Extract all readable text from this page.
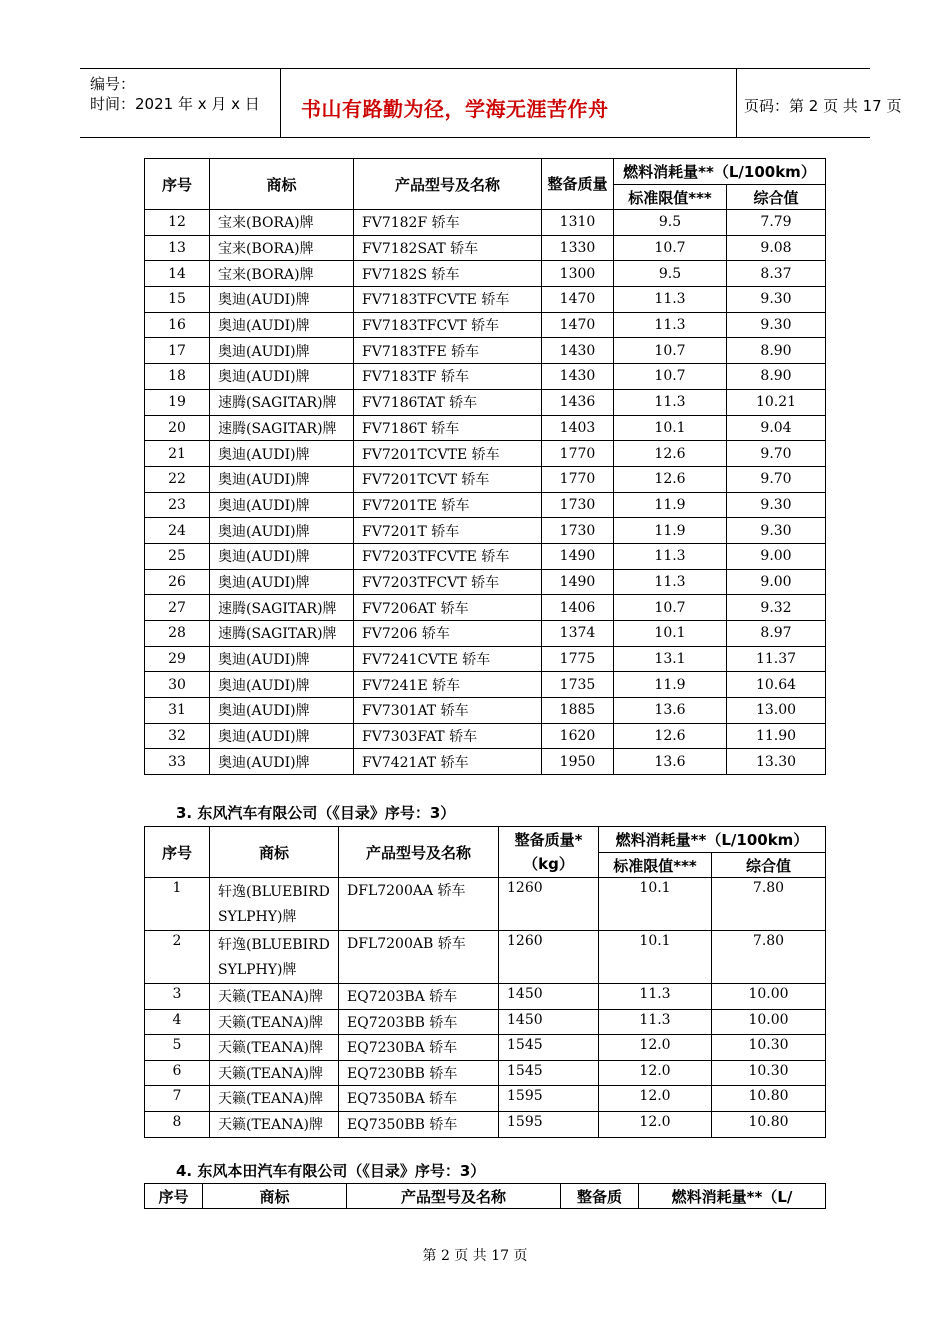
编号：
时间：2021 年 x 月 x 日 书山有路勤为径，学海无涯苦作舟	页码：第 2 页 共 17 页
序号	商标	产品型号及名称	整备质量	燃料消耗量**（L/100km）	
				标准限值***	综合值
12	宝来(BORA)牌	FV7182F 轿车	1310	9.5	7.79
13	宝来(BORA)牌	FV7182SAT 轿车	1330	10.7	9.08
14	宝来(BORA)牌	FV7182S 轿车	1300	9.5	8.37
15	奥迪(AUDI)牌	FV7183TFCVTE 轿车	1470	11.3	9.30
16	奥迪(AUDI)牌	FV7183TFCVT 轿车	1470	11.3	9.30
17	奥迪(AUDI)牌	FV7183TFE 轿车	1430	10.7	8.90
18	奥迪(AUDI)牌	FV7183TF 轿车	1430	10.7	8.90
19	速腾(SAGITAR)牌	FV7186TAT 轿车	1436	11.3	10.21
20	速腾(SAGITAR)牌	FV7186T 轿车	1403	10.1	9.04
21	奥迪(AUDI)牌	FV7201TCVTE 轿车	1770	12.6	9.70
22	奥迪(AUDI)牌	FV7201TCVT 轿车	1770	12.6	9.70
23	奥迪(AUDI)牌	FV7201TE 轿车	1730	11.9	9.30
24	奥迪(AUDI)牌	FV7201T 轿车	1730	11.9	9.30
25	奥迪(AUDI)牌	FV7203TFCVTE 轿车	1490	11.3	9.00
26	奥迪(AUDI)牌	FV7203TFCVT 轿车	1490	11.3	9.00
27	速腾(SAGITAR)牌	FV7206AT 轿车	1406	10.7	9.32
28	速腾(SAGITAR)牌	FV7206 轿车	1374	10.1	8.97
29	奥迪(AUDI)牌	FV7241CVTE 轿车	1775	13.1	11.37
30	奥迪(AUDI)牌	FV7241E 轿车	1735	11.9	10.64
31	奥迪(AUDI)牌	FV7301AT 轿车	1885	13.6	13.00
32	奥迪(AUDI)牌	FV7303FAT 轿车	1620	12.6	11.90
33	奥迪(AUDI)牌	FV7421AT 轿车	1950	13.6	13.30
3. 东风汽车有限公司（《目录》序号：3）
序号	商标	产品型号及名称	整备质量*（kg）	燃料消耗量**（L/100km）	
				标准限值***	综合值
1	轩逸(BLUEBIRD SYLPHY)牌	DFL7200AA 轿车	1260	10.1	7.80
2	轩逸(BLUEBIRD SYLPHY)牌	DFL7200AB 轿车	1260	10.1	7.80
3	天籁(TEANA)牌	EQ7203BA 轿车	1450	11.3	10.00
4	天籁(TEANA)牌	EQ7203BB 轿车	1450	11.3	10.00
5	天籁(TEANA)牌	EQ7230BA 轿车	1545	12.0	10.30
6	天籁(TEANA)牌	EQ7230BB 轿车	1545	12.0	10.30
7	天籁(TEANA)牌	EQ7350BA 轿车	1595	12.0	10.80
8	天籁(TEANA)牌	EQ7350BB 轿车	1595	12.0	10.80
4. 东风本田汽车有限公司（《目录》序号：3）
序号	商标	产品型号及名称	整备质	燃料消耗量**（L/
第 2 页 共 17 页
